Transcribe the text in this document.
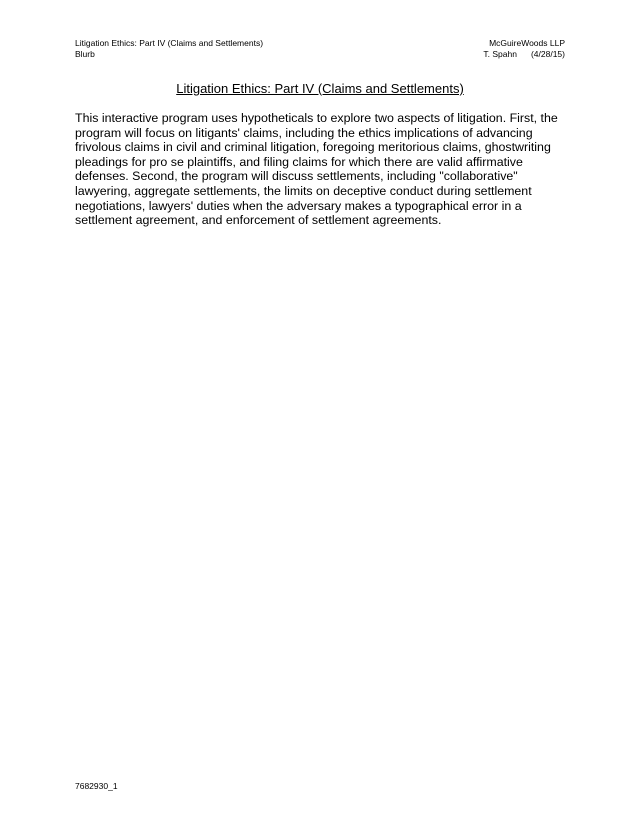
Litigation Ethics: Part IV (Claims and Settlements)
Blurb
McGuireWoods LLP
T. Spahn (4/28/15)
Litigation Ethics: Part IV (Claims and Settlements)

This interactive program uses hypotheticals to explore two aspects of litigation. First, the program will focus on litigants' claims, including the ethics implications of advancing frivolous claims in civil and criminal litigation, foregoing meritorious claims, ghostwriting pleadings for pro se plaintiffs, and filing claims for which there are valid affirmative defenses. Second, the program will discuss settlements, including "collaborative" lawyering, aggregate settlements, the limits on deceptive conduct during settlement negotiations, lawyers' duties when the adversary makes a typographical error in a settlement agreement, and enforcement of settlement agreements.

7682930_1
